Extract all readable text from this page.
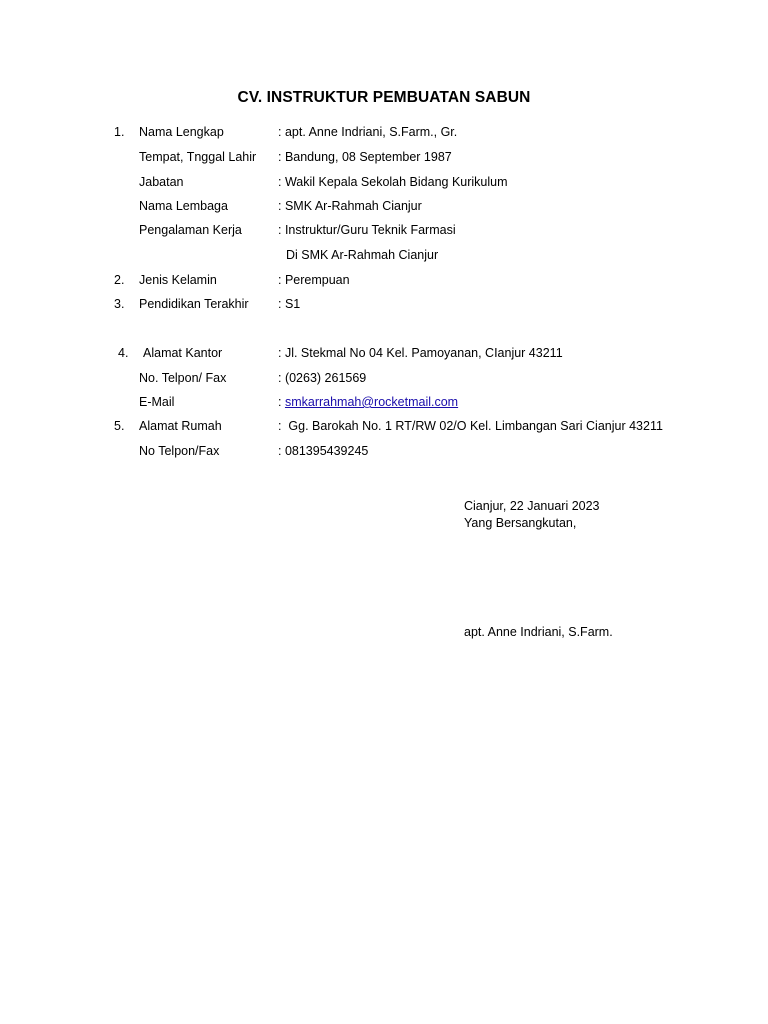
CV. INSTRUKTUR PEMBUATAN SABUN
1. Nama Lengkap	: apt. Anne Indriani, S.Farm., Gr.
Tempat, Tnggal Lahir : Bandung, 08 September 1987
Jabatan	: Wakil Kepala Sekolah Bidang Kurikulum
Nama Lembaga	: SMK Ar-Rahmah Cianjur
Pengalaman Kerja	: Instruktur/Guru Teknik Farmasi
Di SMK Ar-Rahmah Cianjur
2. Jenis Kelamin	: Perempuan
3. Pendidikan Terakhir : S1
4. Alamat Kantor	: Jl. Stekmal No 04 Kel. Pamoyanan, CIanjur 43211
No. Telpon/ Fax	: (0263) 261569
E-Mail	: smkarrahmah@rocketmail.com
5. Alamat Rumah	:  Gg. Barokah No. 1 RT/RW 02/O Kel. Limbangan Sari Cianjur 43211
No Telpon/Fax	: 081395439245
Cianjur, 22 Januari 2023
Yang Bersangkutan,
apt. Anne Indriani, S.Farm.
